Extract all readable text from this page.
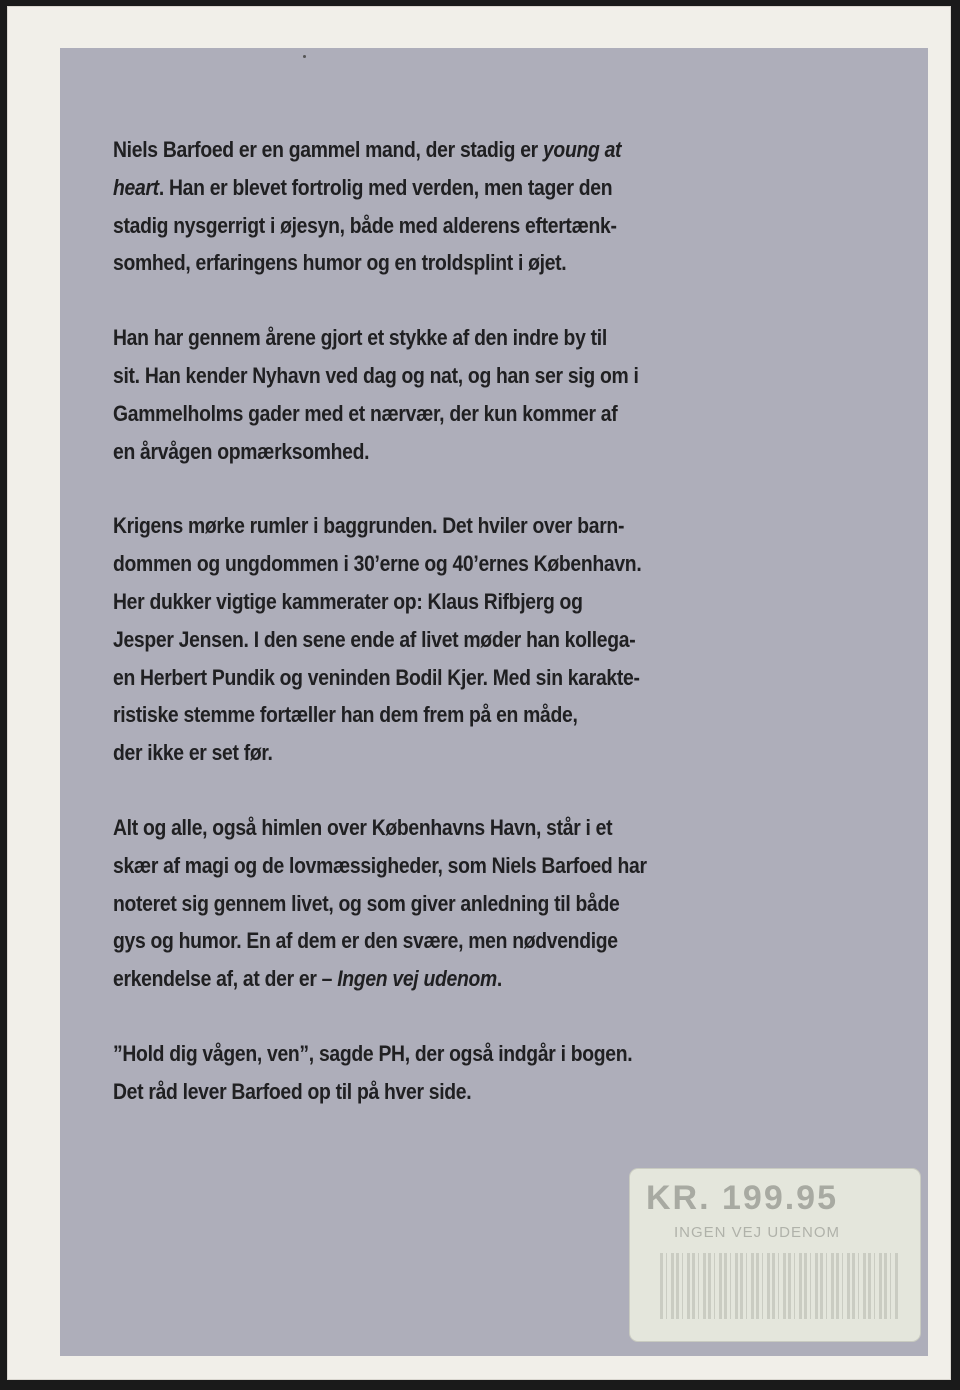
Niels Barfoed er en gammel mand, der stadig er young at
heart. Han er blevet fortrolig med verden, men tager den
stadig nysgerrigt i øjesyn, både med alderens eftertænk-
somhed, erfaringens humor og en troldsplint i øjet.

Han har gennem årene gjort et stykke af den indre by til
sit. Han kender Nyhavn ved dag og nat, og han ser sig om i
Gammelholms gader med et nærvær, der kun kommer af
en årvågen opmærksomhed.

Krigens mørke rumler i baggrunden. Det hviler over barn-
dommen og ungdommen i 30’erne og 40’ernes København.
Her dukker vigtige kammerater op: Klaus Rifbjerg og
Jesper Jensen. I den sene ende af livet møder han kollega-
en Herbert Pundik og veninden Bodil Kjer. Med sin karakte-
ristiske stemme fortæller han dem frem på en måde,
der ikke er set før.

Alt og alle, også himlen over Københavns Havn, står i et
skær af magi og de lovmæssigheder, som Niels Barfoed har
noteret sig gennem livet, og som giver anledning til både
gys og humor. En af dem er den svære, men nødvendige
erkendelse af, at der er – Ingen vej udenom.

”Hold dig vågen, ven”, sagde PH, der også indgår i bogen.
Det råd lever Barfoed op til på hver side.

KR. 199.95
INGEN VEJ UDENOM
